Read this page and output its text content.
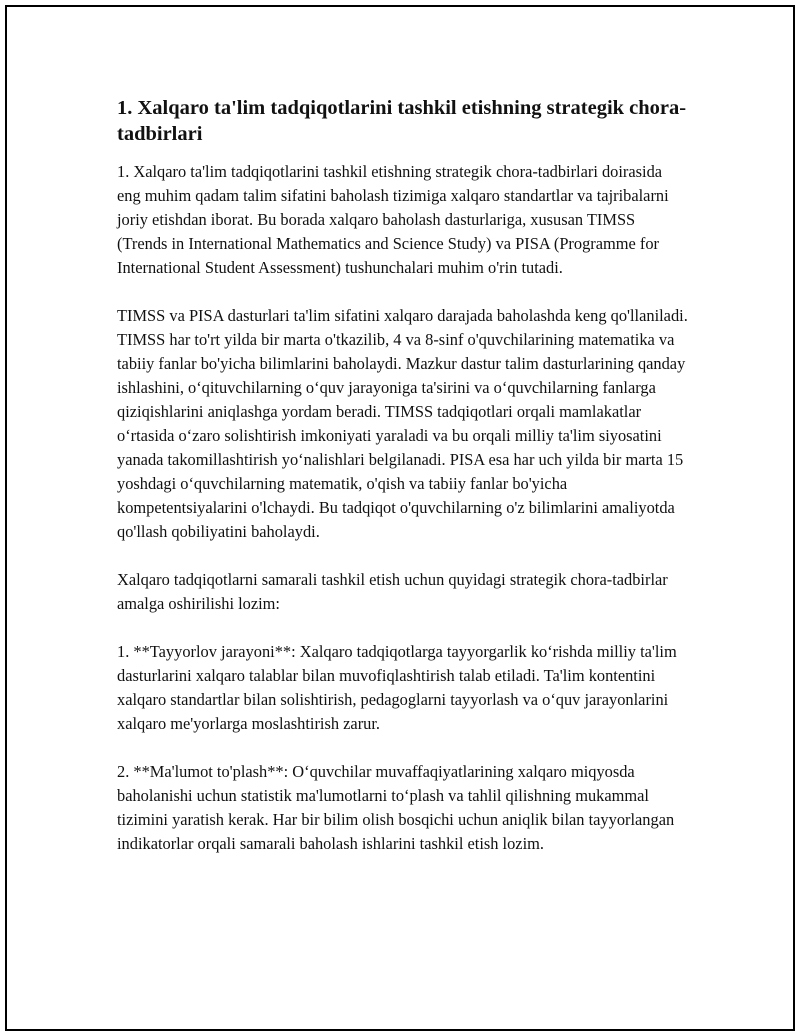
1. Xalqaro ta'lim tadqiqotlarini tashkil etishning strategik chora-tadbirlari

1. Xalqaro ta'lim tadqiqotlarini tashkil etishning strategik chora-tadbirlari doirasida eng muhim qadam talim sifatini baholash tizimiga xalqaro standartlar va tajribalarni joriy etishdan iborat. Bu borada xalqaro baholash dasturlariga, xususan TIMSS (Trends in International Mathematics and Science Study) va PISA (Programme for International Student Assessment) tushunchalari muhim o'rin tutadi.

TIMSS va PISA dasturlari ta'lim sifatini xalqaro darajada baholashda keng qo'llaniladi. TIMSS har to'rt yilda bir marta o'tkazilib, 4 va 8-sinf o'quvchilarining matematika va tabiiy fanlar bo'yicha bilimlarini baholaydi. Mazkur dastur talim dasturlarining qanday ishlashini, o‘qituvchilarning o‘quv jarayoniga ta'sirini va o‘quvchilarning fanlarga qiziqishlarini aniqlashga yordam beradi. TIMSS tadqiqotlari orqali mamlakatlar o‘rtasida o‘zaro solishtirish imkoniyati yaraladi va bu orqali milliy ta'lim siyosatini yanada takomillashtirish yo‘nalishlari belgilanadi. PISA esa har uch yilda bir marta 15 yoshdagi o‘quvchilarning matematik, o'qish va tabiiy fanlar bo'yicha kompetentsiyalarini o'lchaydi. Bu tadqiqot o'quvchilarning o'z bilimlarini amaliyotda qo'llash qobiliyatini baholaydi.

Xalqaro tadqiqotlarni samarali tashkil etish uchun quyidagi strategik chora-tadbirlar amalga oshirilishi lozim:

1. **Tayyorlov jarayoni**: Xalqaro tadqiqotlarga tayyorgarlik ko‘rishda milliy ta'lim dasturlarini xalqaro talablar bilan muvofiqlashtirish talab etiladi. Ta'lim kontentini xalqaro standartlar bilan solishtirish, pedagoglarni tayyorlash va o‘quv jarayonlarini xalqaro me'yorlarga moslashtirish zarur.

2. **Ma'lumot to'plash**: O‘quvchilar muvaffaqiyatlarining xalqaro miqyosda baholanishi uchun statistik ma'lumotlarni to‘plash va tahlil qilishning mukammal tizimini yaratish kerak. Har bir bilim olish bosqichi uchun aniqlik bilan tayyorlangan indikatorlar orqali samarali baholash ishlarini tashkil etish lozim.
